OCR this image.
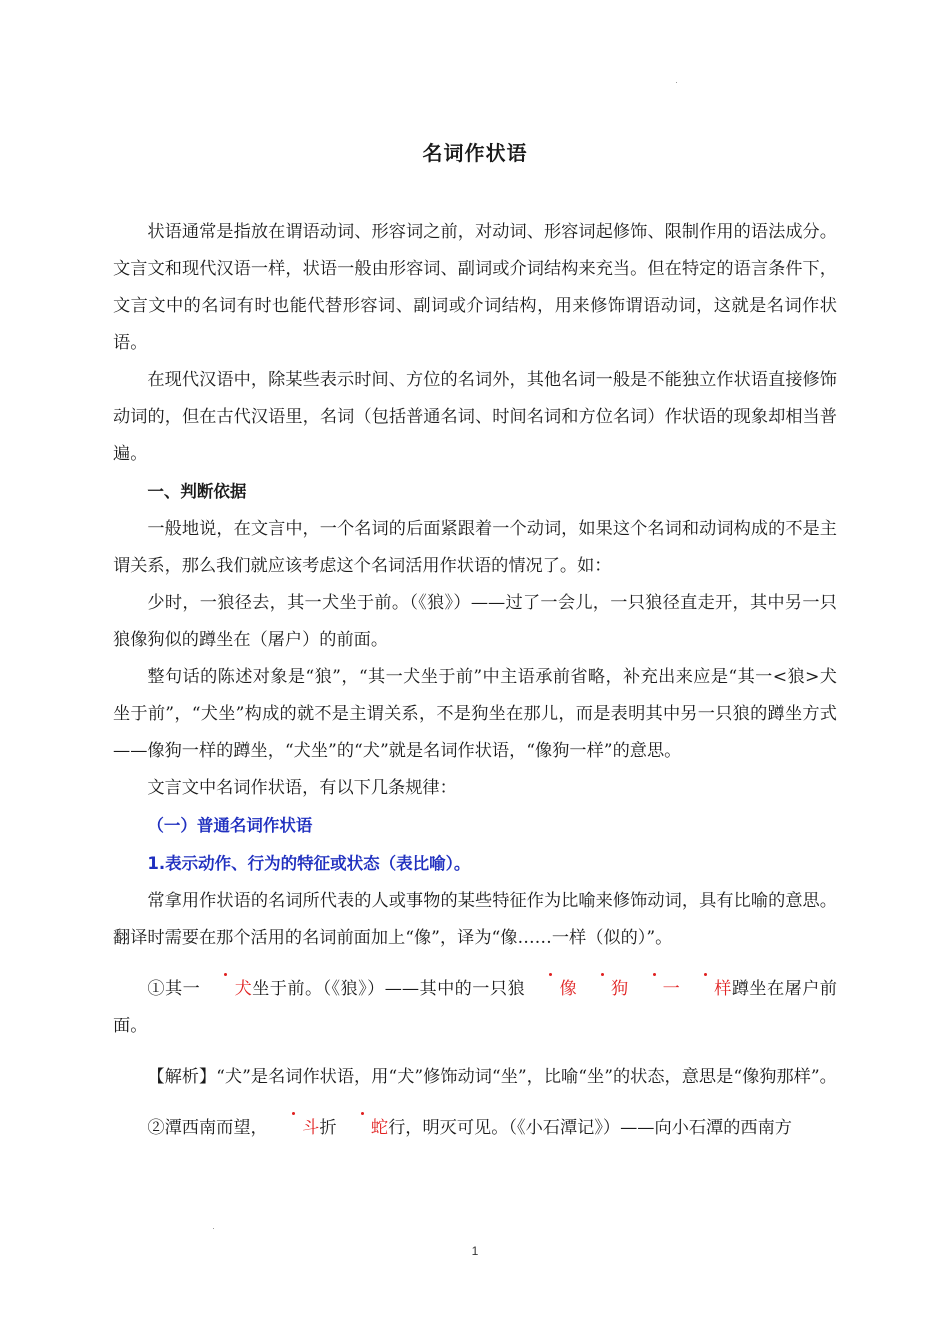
名词作状语

状语通常是指放在谓语动词、形容词之前，对动词、形容词起修饰、限制作用的语法成分。文言文和现代汉语一样，状语一般由形容词、副词或介词结构来充当。但在特定的语言条件下，文言文中的名词有时也能代替形容词、副词或介词结构，用来修饰谓语动词，这就是名词作状语。

在现代汉语中，除某些表示时间、方位的名词外，其他名词一般是不能独立作状语直接修饰动词的，但在古代汉语里，名词（包括普通名词、时间名词和方位名词）作状语的现象却相当普遍。

一、判断依据

一般地说，在文言中，一个名词的后面紧跟着一个动词，如果这个名词和动词构成的不是主谓关系，那么我们就应该考虑这个名词活用作状语的情况了。如：

少时，一狼径去，其一犬坐于前。（《狼》）——过了一会儿，一只狼径直走开，其中另一只狼像狗似的蹲坐在（屠户）的前面。

整句话的陈述对象是“狼”，“其一犬坐于前”中主语承前省略，补充出来应是“其一<狼>犬坐于前”，“犬坐”构成的就不是主谓关系，不是狗坐在那儿，而是表明其中另一只狼的蹲坐方式——像狗一样的蹲坐，“犬坐”的“犬”就是名词作状语，“像狗一样”的意思。

文言文中名词作状语，有以下几条规律：

（一）普通名词作状语

1.表示动作、行为的特征或状态（表比喻）。

常拿用作状语的名词所代表的人或事物的某些特征作为比喻来修饰动词，具有比喻的意思。翻译时需要在那个活用的名词前面加上“像”，译为“像……一样（似的）”。

①其一 犬坐于前。（《狼》）——其中的一只狼 像 狗 一 样蹲坐在屠户前面。

【解析】“犬”是名词作状语，用“犬”修饰动词“坐”，比喻“坐”的状态，意思是“像狗那样”。

②潭西南而望， 斗折 蛇行，明灭可见。（《小石潭记》）——向小石潭的西南方

1
